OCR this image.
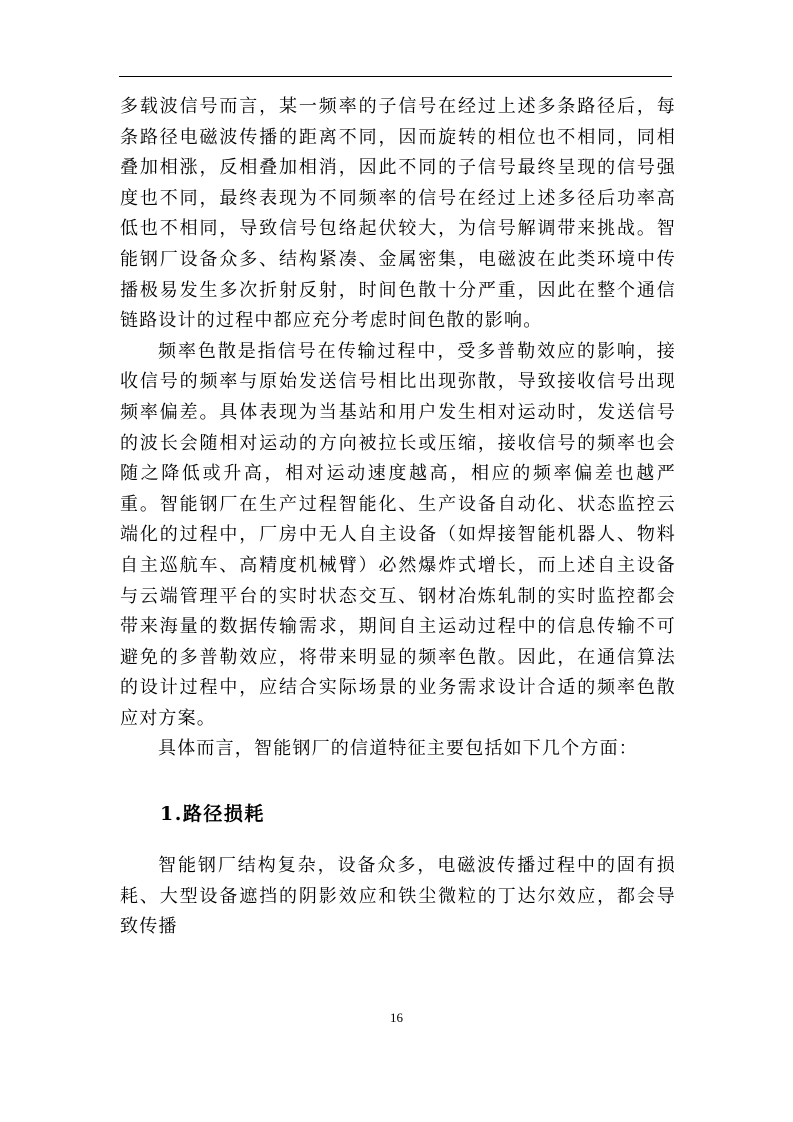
多载波信号而言，某一频率的子信号在经过上述多条路径后，每条路径电磁波传播的距离不同，因而旋转的相位也不相同，同相叠加相涨，反相叠加相消，因此不同的子信号最终呈现的信号强度也不同，最终表现为不同频率的信号在经过上述多径后功率高低也不相同，导致信号包络起伏较大，为信号解调带来挑战。智能钢厂设备众多、结构紧凑、金属密集，电磁波在此类环境中传播极易发生多次折射反射，时间色散十分严重，因此在整个通信链路设计的过程中都应充分考虑时间色散的影响。

频率色散是指信号在传输过程中，受多普勒效应的影响，接收信号的频率与原始发送信号相比出现弥散，导致接收信号出现频率偏差。具体表现为当基站和用户发生相对运动时，发送信号的波长会随相对运动的方向被拉长或压缩，接收信号的频率也会随之降低或升高，相对运动速度越高，相应的频率偏差也越严重。智能钢厂在生产过程智能化、生产设备自动化、状态监控云端化的过程中，厂房中无人自主设备（如焊接智能机器人、物料自主巡航车、高精度机械臂）必然爆炸式增长，而上述自主设备与云端管理平台的实时状态交互、钢材冶炼轧制的实时监控都会带来海量的数据传输需求，期间自主运动过程中的信息传输不可避免的多普勒效应，将带来明显的频率色散。因此，在通信算法的设计过程中，应结合实际场景的业务需求设计合适的频率色散应对方案。

具体而言，智能钢厂的信道特征主要包括如下几个方面：

1.路径损耗

智能钢厂结构复杂，设备众多，电磁波传播过程中的固有损耗、大型设备遮挡的阴影效应和铁尘微粒的丁达尔效应，都会导致传播

16
